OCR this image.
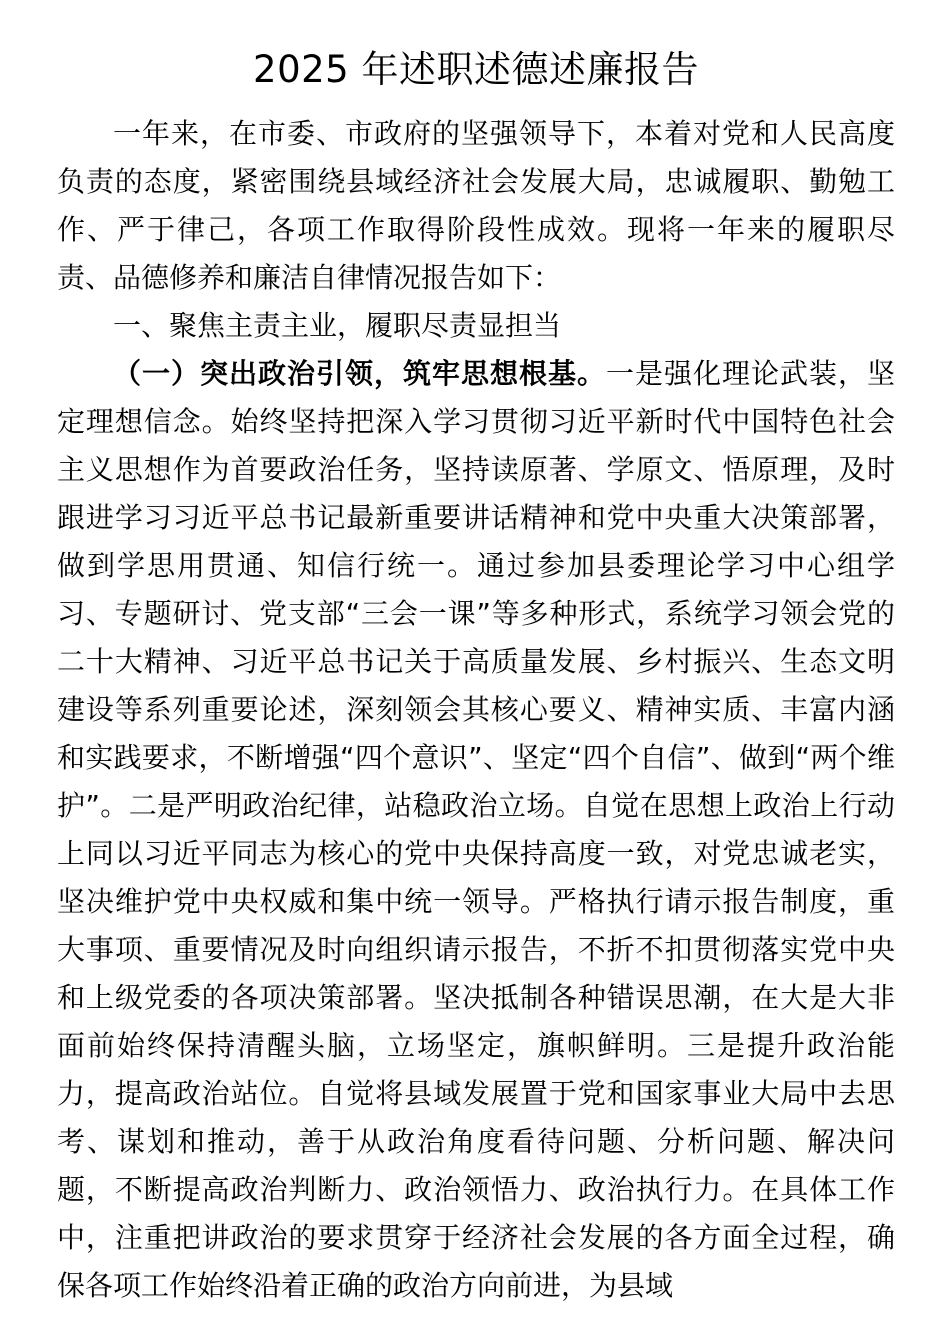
2025 年述职述德述廉报告

一年来，在市委、市政府的坚强领导下，本着对党和人民高度负责的态度，紧密围绕县域经济社会发展大局，忠诚履职、勤勉工作、严于律己，各项工作取得阶段性成效。现将一年来的履职尽责、品德修养和廉洁自律情况报告如下：

一、聚焦主责主业，履职尽责显担当

（一）突出政治引领，筑牢思想根基。一是强化理论武装，坚定理想信念。始终坚持把深入学习贯彻习近平新时代中国特色社会主义思想作为首要政治任务，坚持读原著、学原文、悟原理，及时跟进学习习近平总书记最新重要讲话精神和党中央重大决策部署，做到学思用贯通、知信行统一。通过参加县委理论学习中心组学习、专题研讨、党支部“三会一课”等多种形式，系统学习领会党的二十大精神、习近平总书记关于高质量发展、乡村振兴、生态文明建设等系列重要论述，深刻领会其核心要义、精神实质、丰富内涵和实践要求，不断增强“四个意识”、坚定“四个自信”、做到“两个维护”。二是严明政治纪律，站稳政治立场。自觉在思想上政治上行动上同以习近平同志为核心的党中央保持高度一致，对党忠诚老实，坚决维护党中央权威和集中统一领导。严格执行请示报告制度，重大事项、重要情况及时向组织请示报告，不折不扣贯彻落实党中央和上级党委的各项决策部署。坚决抵制各种错误思潮，在大是大非面前始终保持清醒头脑，立场坚定，旗帜鲜明。三是提升政治能力，提高政治站位。自觉将县域发展置于党和国家事业大局中去思考、谋划和推动，善于从政治角度看待问题、分析问题、解决问题，不断提高政治判断力、政治领悟力、政治执行力。在具体工作中，注重把讲政治的要求贯穿于经济社会发展的各方面全过程，确保各项工作始终沿着正确的政治方向前进，为县域
